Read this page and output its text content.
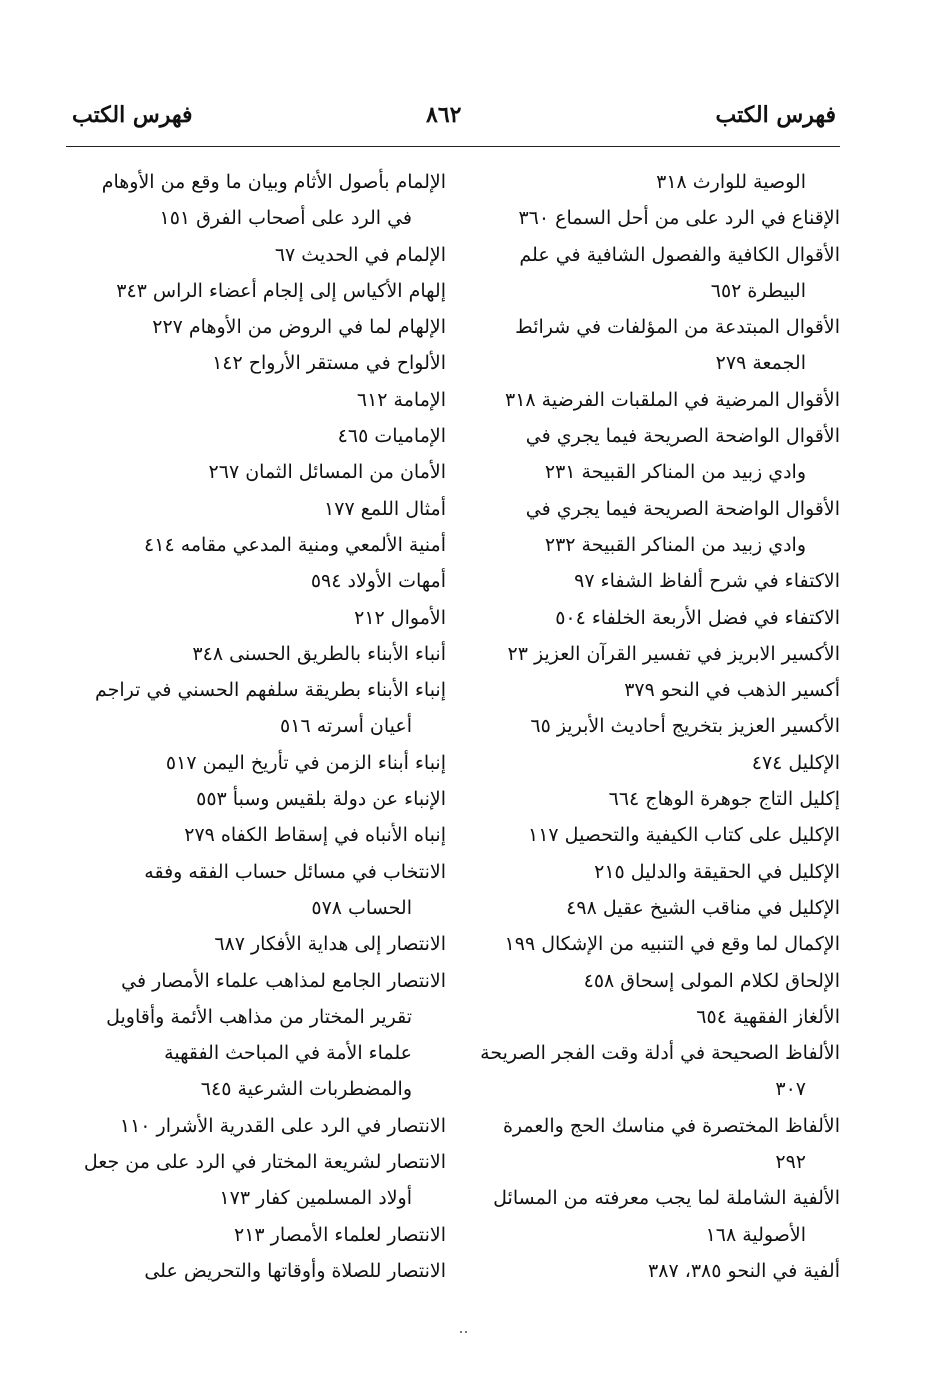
فهرس الكتب
٨٦٢
فهرس الكتب
الوصية للوارث ٣١٨
الإقناع في الرد على من أحل السماع ٣٦٠
الأقوال الكافية والفصول الشافية في علم
البيطرة ٦٥٢
الأقوال المبتدعة من المؤلفات في شرائط
الجمعة ٢٧٩
الأقوال المرضية في الملقبات الفرضية ٣١٨
الأقوال الواضحة الصريحة فيما يجري في
وادي زبيد من المناكر القبيحة ٢٣١
الأقوال الواضحة الصريحة فيما يجري في
وادي زبيد من المناكر القبيحة ٢٣٢
الاكتفاء في شرح ألفاظ الشفاء ٩٧
الاكتفاء في فضل الأربعة الخلفاء ٥٠٤
الأكسير الابريز في تفسير القرآن العزيز ٢٣
أكسير الذهب في النحو ٣٧٩
الأكسير العزيز بتخريج أحاديث الأبريز ٦٥
الإكليل ٤٧٤
إكليل التاج جوهرة الوهاج ٦٦٤
الإكليل على كتاب الكيفية والتحصيل ١١٧
الإكليل في الحقيقة والدليل ٢١٥
الإكليل في مناقب الشيخ عقيل ٤٩٨
الإكمال لما وقع في التنبيه من الإشكال ١٩٩
الإلحاق لكلام المولى إسحاق ٤٥٨
الألغاز الفقهية ٦٥٤
الألفاظ الصحيحة في أدلة وقت الفجر الصريحة
٣٠٧
الألفاظ المختصرة في مناسك الحج والعمرة
٢٩٢
الألفية الشاملة لما يجب معرفته من المسائل
الأصولية ١٦٨
ألفية في النحو ٣٨٥، ٣٨٧
الإلمام بأصول الأثام وبيان ما وقع من الأوهام
في الرد على أصحاب الفرق ١٥١
الإلمام في الحديث ٦٧
إلهام الأكياس إلى إلجام أعضاء الراس ٣٤٣
الإلهام لما في الروض من الأوهام ٢٢٧
الألواح في مستقر الأرواح ١٤٢
الإمامة ٦١٢
الإماميات ٤٦٥
الأمان من المسائل الثمان ٢٦٧
أمثال اللمع ١٧٧
أمنية الألمعي ومنية المدعي مقامه ٤١٤
أمهات الأولاد ٥٩٤
الأموال ٢١٢
أنباء الأبناء بالطريق الحسنى ٣٤٨
إنباء الأبناء بطريقة سلفهم الحسني في تراجم
أعيان أسرته ٥١٦
إنباء أبناء الزمن في تأريخ اليمن ٥١٧
الإنباء عن دولة بلقيس وسبأ ٥٥٣
إنباه الأنباه في إسقاط الكفاه ٢٧٩
الانتخاب في مسائل حساب الفقه وفقه
الحساب ٥٧٨
الانتصار إلى هداية الأفكار ٦٨٧
الانتصار الجامع لمذاهب علماء الأمصار في
تقرير المختار من مذاهب الأئمة وأقاويل
علماء الأمة في المباحث الفقهية
والمضطربات الشرعية ٦٤٥
الانتصار في الرد على القدرية الأشرار ١١٠
الانتصار لشريعة المختار في الرد على من جعل
أولاد المسلمين كفار ١٧٣
الانتصار لعلماء الأمصار ٢١٣
الانتصار للصلاة وأوقاتها والتحريض على
